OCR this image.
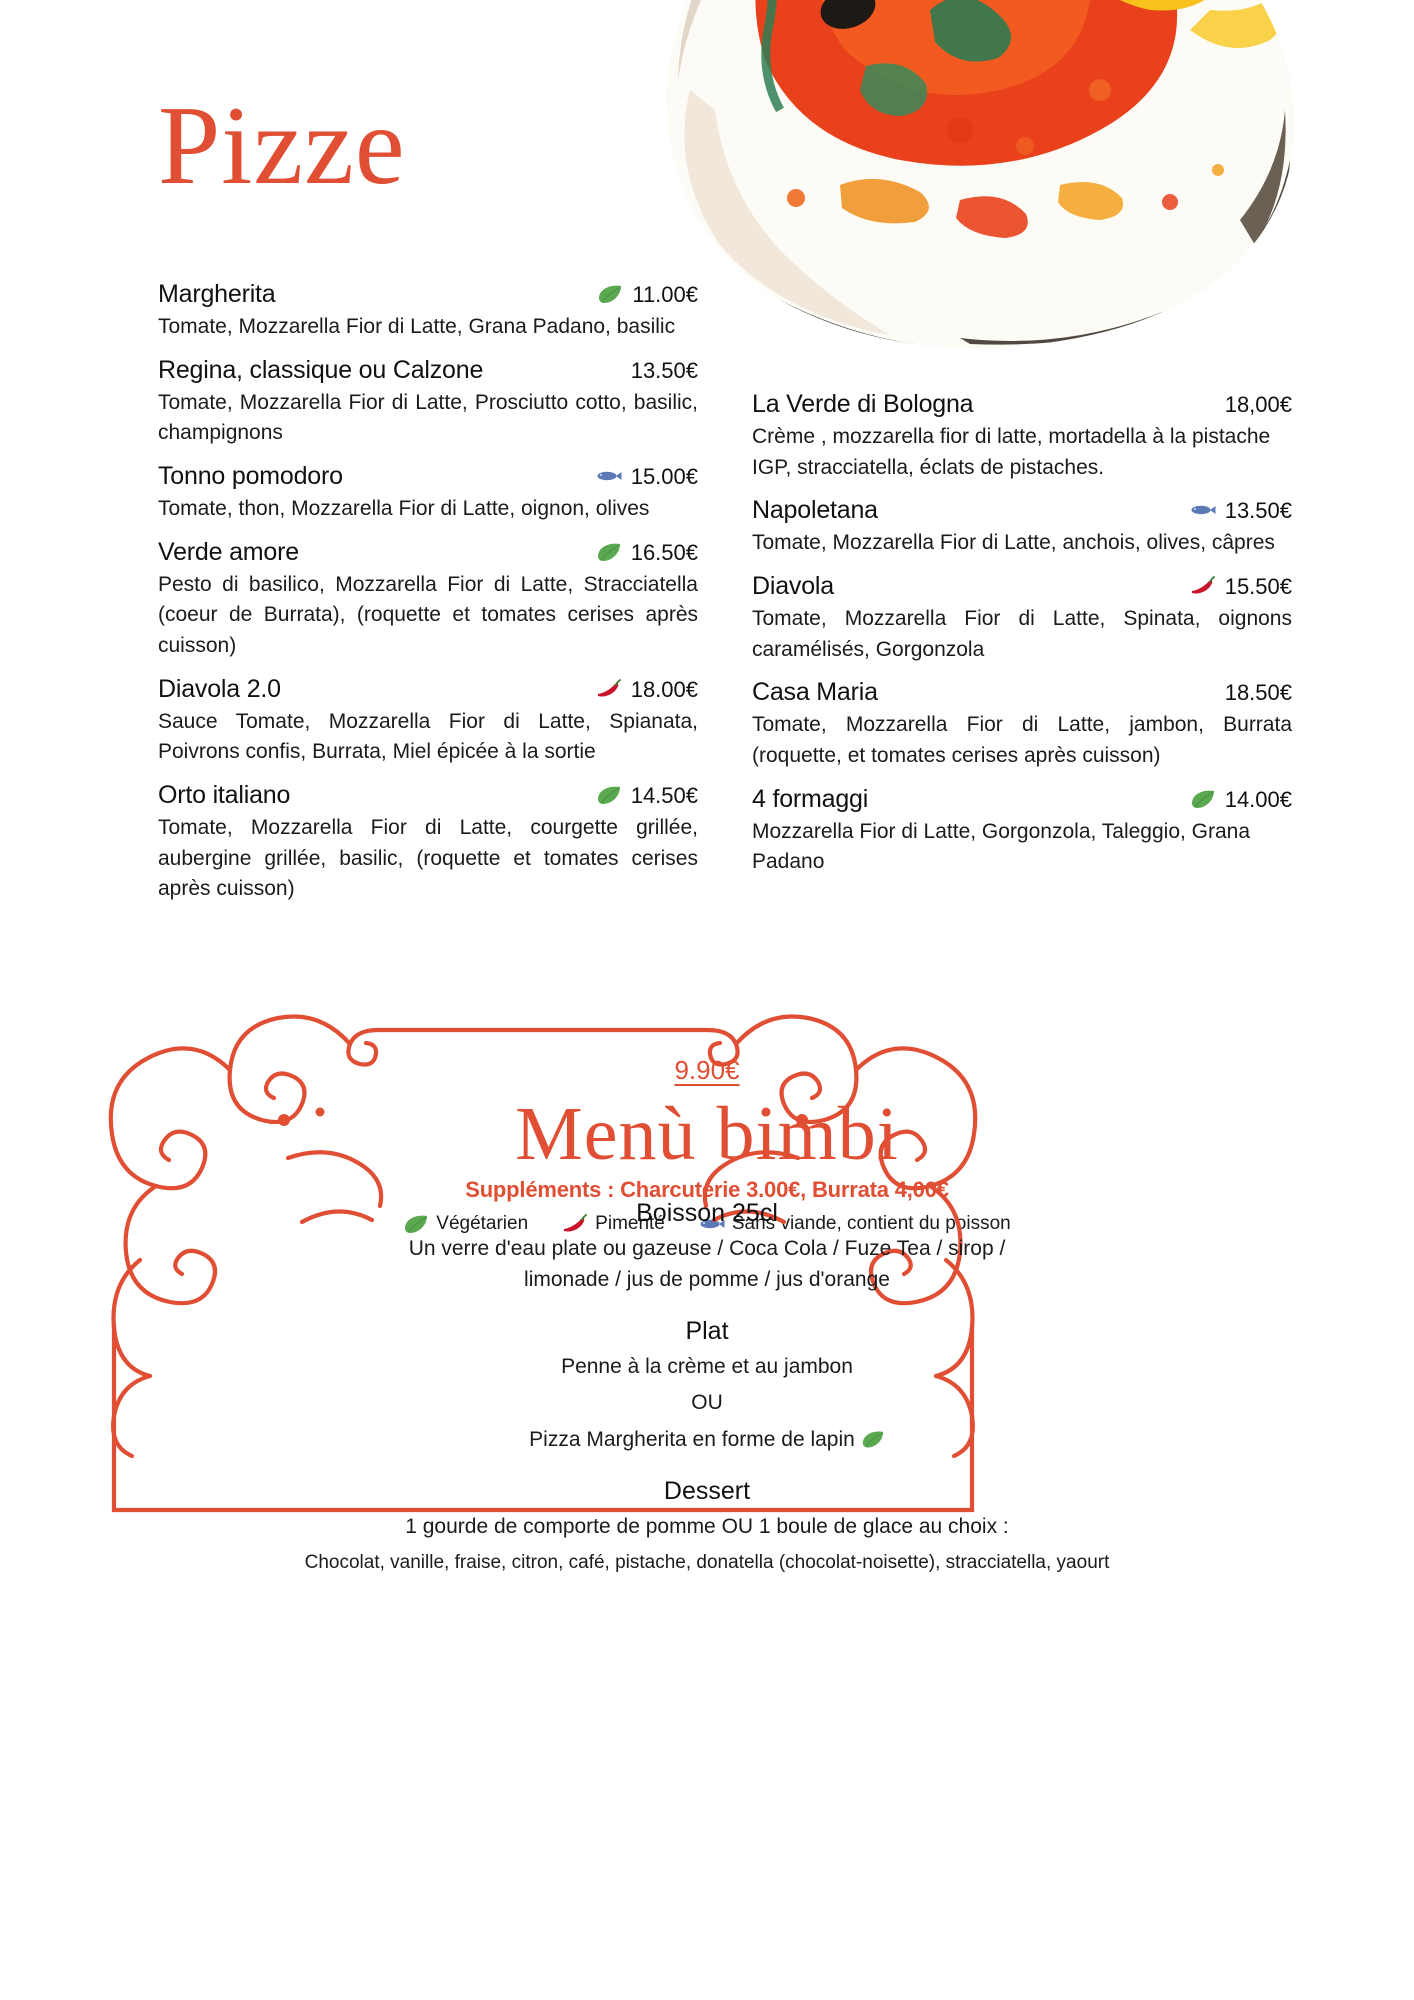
Pizze
Margherita	11.00€
Tomate, Mozzarella Fior di Latte, Grana Padano, basilic
Regina, classique ou Calzone	13.50€
Tomate, Mozzarella Fior di Latte, Prosciutto cotto, basilic, champignons
Tonno pomodoro	15.00€
Tomate, thon, Mozzarella Fior di Latte, oignon, olives
Verde amore	16.50€
Pesto di basilico, Mozzarella Fior di Latte, Stracciatella (coeur de Burrata), (roquette et tomates cerises après cuisson)
Diavola 2.0	18.00€
Sauce Tomate, Mozzarella Fior di Latte, Spianata, Poivrons confis, Burrata, Miel épicée à la sortie
Orto italiano	14.50€
Tomate, Mozzarella Fior di Latte, courgette grillée, aubergine grillée, basilic, (roquette et tomates cerises après cuisson)
La Verde di Bologna	18,00€
Crème , mozzarella fior di latte, mortadella à la pistache IGP, stracciatella, éclats de pistaches.
Napoletana	13.50€
Tomate, Mozzarella Fior di Latte, anchois, olives, câpres
Diavola	15.50€
Tomate, Mozzarella Fior di Latte, Spinata, oignons caramélisés, Gorgonzola
Casa Maria	18.50€
Tomate, Mozzarella Fior di Latte, jambon, Burrata (roquette, et tomates cerises après cuisson)
4 formaggi	14.00€
Mozzarella Fior di Latte, Gorgonzola, Taleggio, Grana Padano
Suppléments : Charcuterie 3.00€, Burrata 4,00€
Végétarien	Pimenté	Sans viande, contient du poisson
9.90€
Menù bimbi
Boisson 25cl
Un verre d'eau plate ou gazeuse / Coca Cola / Fuze Tea / sirop / limonade / jus de pomme / jus d'orange
Plat
Penne à la crème et au jambon
OU
Pizza Margherita en forme de lapin
Dessert
1 gourde de comporte de pomme OU 1 boule de glace au choix :
Chocolat, vanille, fraise, citron, café, pistache, donatella (chocolat-noisette), stracciatella, yaourt
